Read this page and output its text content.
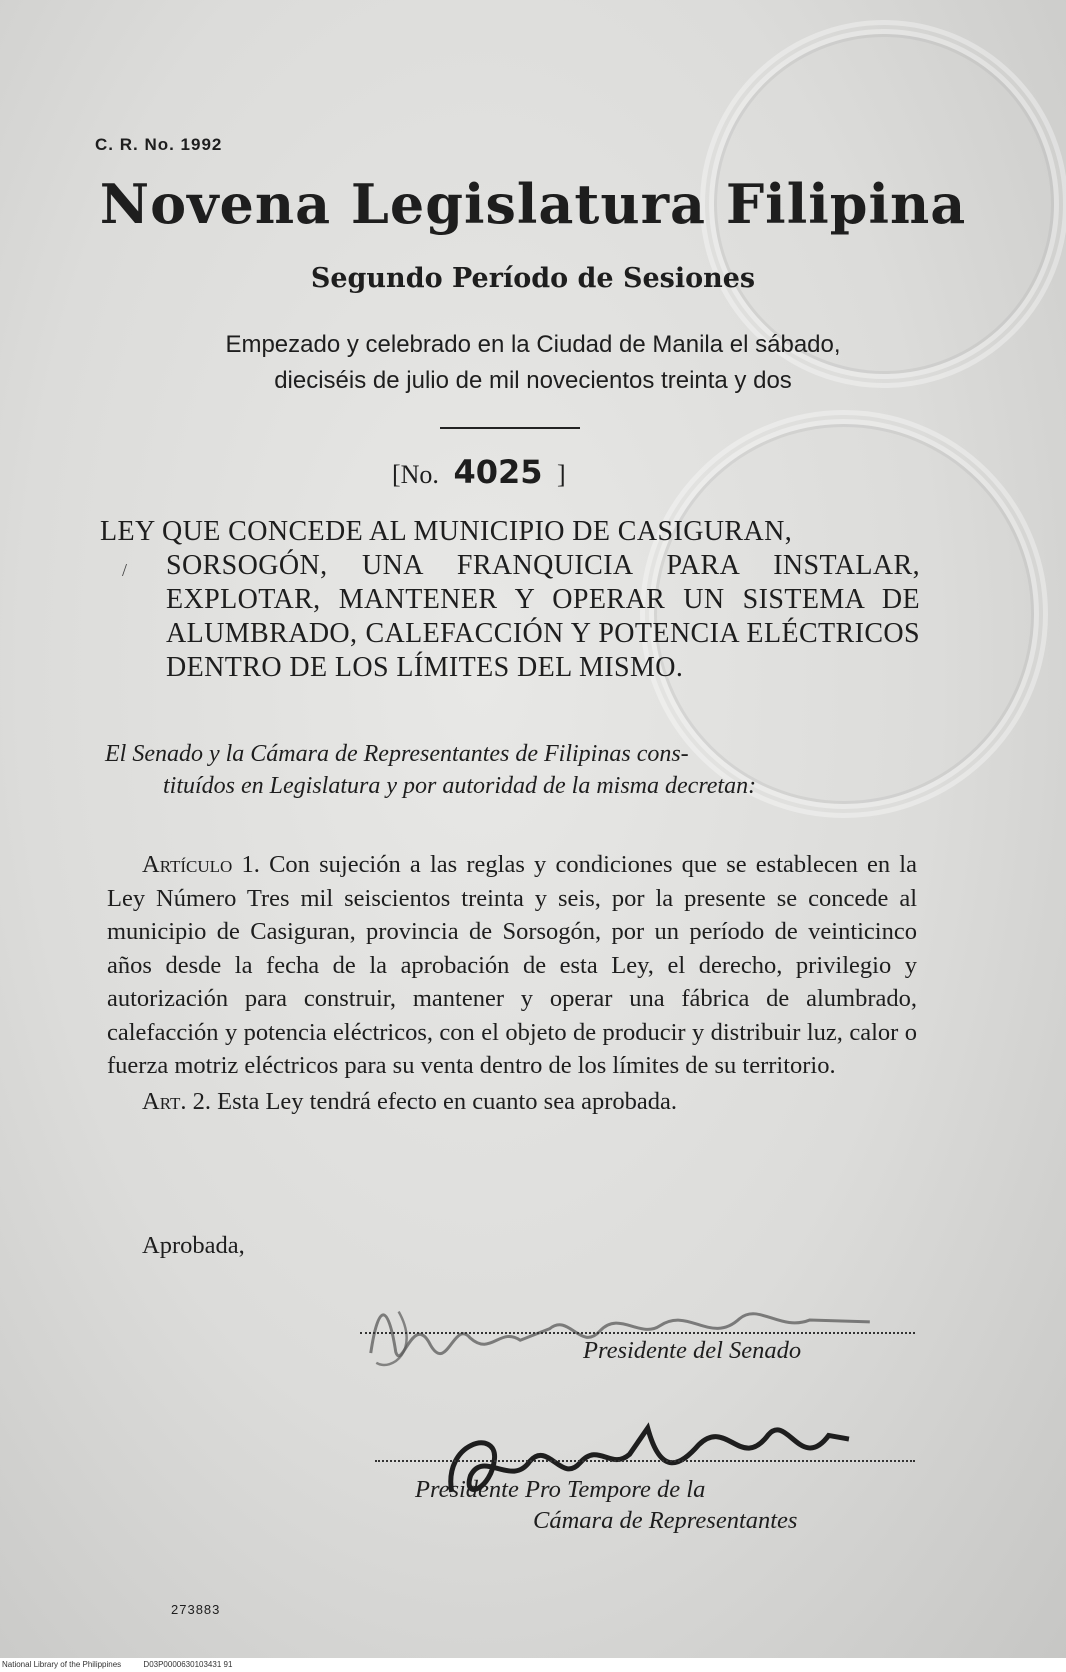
C. R. No. 1992
Novena Legislatura Filipina
Segundo Período de Sesiones
Empezado y celebrado en la Ciudad de Manila el sábado,
dieciséis de julio de mil novecientos treinta y dos
[No. 4025 ]
/
LEY QUE CONCEDE AL MUNICIPIO DE CASIGURAN,
SORSOGÓN, UNA FRANQUICIA PARA INSTALAR, EXPLOTAR, MANTENER Y OPERAR UN SISTEMA DE ALUMBRADO, CALEFACCIÓN Y POTENCIA ELÉCTRICOS DENTRO DE LOS LÍMITES DEL MISMO.
El Senado y la Cámara de Representantes de Filipinas cons-
tituídos en Legislatura y por autoridad de la misma decretan:

Artículo 1. Con sujeción a las reglas y condiciones que se establecen en la Ley Número Tres mil seiscientos treinta y seis, por la presente se concede al municipio de Casiguran, provincia de Sorsogón, por un período de veinticinco años desde la fecha de la aprobación de esta Ley, el derecho, privilegio y autorización para construir, mantener y operar una fábrica de alumbrado, calefacción y potencia eléctricos, con el objeto de producir y distribuir luz, calor o fuerza motriz eléctricos para su venta dentro de los límites de su territorio.

Art. 2. Esta Ley tendrá efecto en cuanto sea aprobada.

Aprobada,
Presidente del Senado
Presidente Pro Tempore de la
Cámara de Representantes
273883
National Library of the Philippines	D03P0000630103431 91
